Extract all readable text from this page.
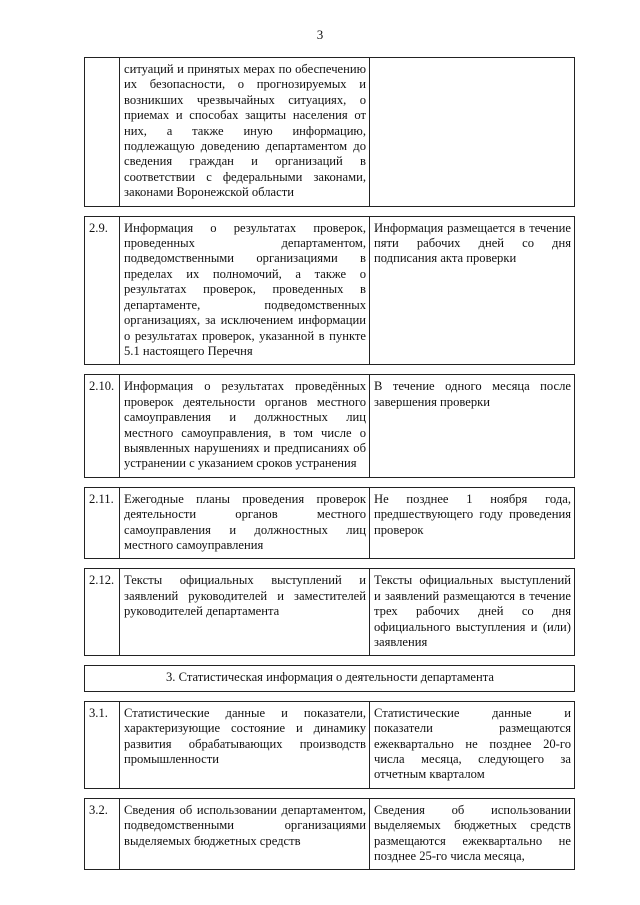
3
	ситуаций и принятых мерах по обеспечению их безопасности, о прогнозируемых и возникших чрезвычайных ситуациях, о приемах и способах защиты населения от них, а также иную информацию, подлежащую доведению департаментом до сведения граждан и организаций в соответствии с федеральными законами, законами Воронежской области	

2.9.	Информация о результатах проверок, проведенных департаментом, подведомственными организациями в пределах их полномочий, а также о результатах проверок, проведенных в департаменте, подведомственных организациях, за исключением информации о результатах проверок, указанной в пункте 5.1 настоящего Перечня	Информация размещается в течение пяти рабочих дней со дня подписания акта проверки

2.10.	Информация о результатах проведённых проверок деятельности органов местного самоуправления и должностных лиц местного самоуправления, в том числе о выявленных нарушениях и предписаниях об устранении с указанием сроков устранения	В течение одного месяца после завершения проверки

2.11.	Ежегодные планы проведения проверок деятельности органов местного самоуправления и должностных лиц местного самоуправления	Не позднее 1 ноября года, предшествующего году проведения проверок

2.12.	Тексты официальных выступлений и заявлений руководителей и заместителей руководителей департамента	Тексты официальных выступлений и заявлений размещаются в течение трех рабочих дней со дня официального выступления и (или) заявления

3. Статистическая информация о деятельности департамента		

3.1.	Статистические данные и показатели, характеризующие состояние и динамику развития обрабатывающих производств промышленности	Статистические данные и показатели размещаются ежеквартально не позднее 20-го числа месяца, следующего за отчетным кварталом

3.2.	Сведения об использовании департаментом, подведомственными организациями выделяемых бюджетных средств	Сведения об использовании выделяемых бюджетных средств размещаются ежеквартально не позднее 25-го числа месяца,
